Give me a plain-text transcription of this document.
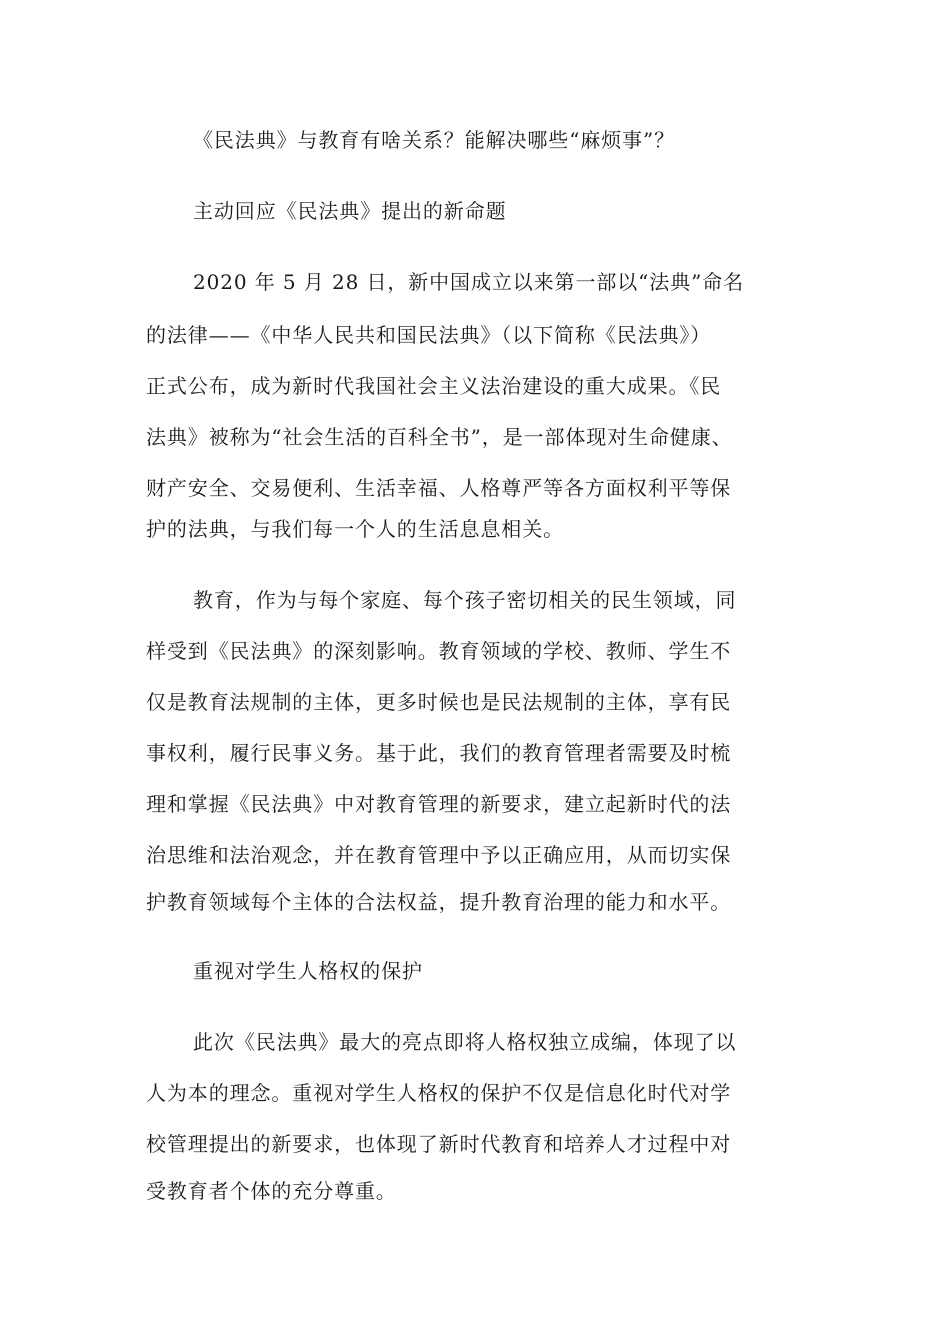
《民法典》与教育有啥关系？能解决哪些“麻烦事”？
主动回应《民法典》提出的新命题
2020 年 5 月 28 日，新中国成立以来第一部以“法典”命名
的法律——《中华人民共和国民法典》（以下简称《民法典》）
正式公布，成为新时代我国社会主义法治建设的重大成果。《民
法典》被称为“社会生活的百科全书”，是一部体现对生命健康、
财产安全、交易便利、生活幸福、人格尊严等各方面权利平等保
护的法典，与我们每一个人的生活息息相关。
教育，作为与每个家庭、每个孩子密切相关的民生领域，同
样受到《民法典》的深刻影响。教育领域的学校、教师、学生不
仅是教育法规制的主体，更多时候也是民法规制的主体，享有民
事权利，履行民事义务。基于此，我们的教育管理者需要及时梳
理和掌握《民法典》中对教育管理的新要求，建立起新时代的法
治思维和法治观念，并在教育管理中予以正确应用，从而切实保
护教育领域每个主体的合法权益，提升教育治理的能力和水平。
重视对学生人格权的保护
此次《民法典》最大的亮点即将人格权独立成编，体现了以
人为本的理念。重视对学生人格权的保护不仅是信息化时代对学
校管理提出的新要求，也体现了新时代教育和培养人才过程中对
受教育者个体的充分尊重。
